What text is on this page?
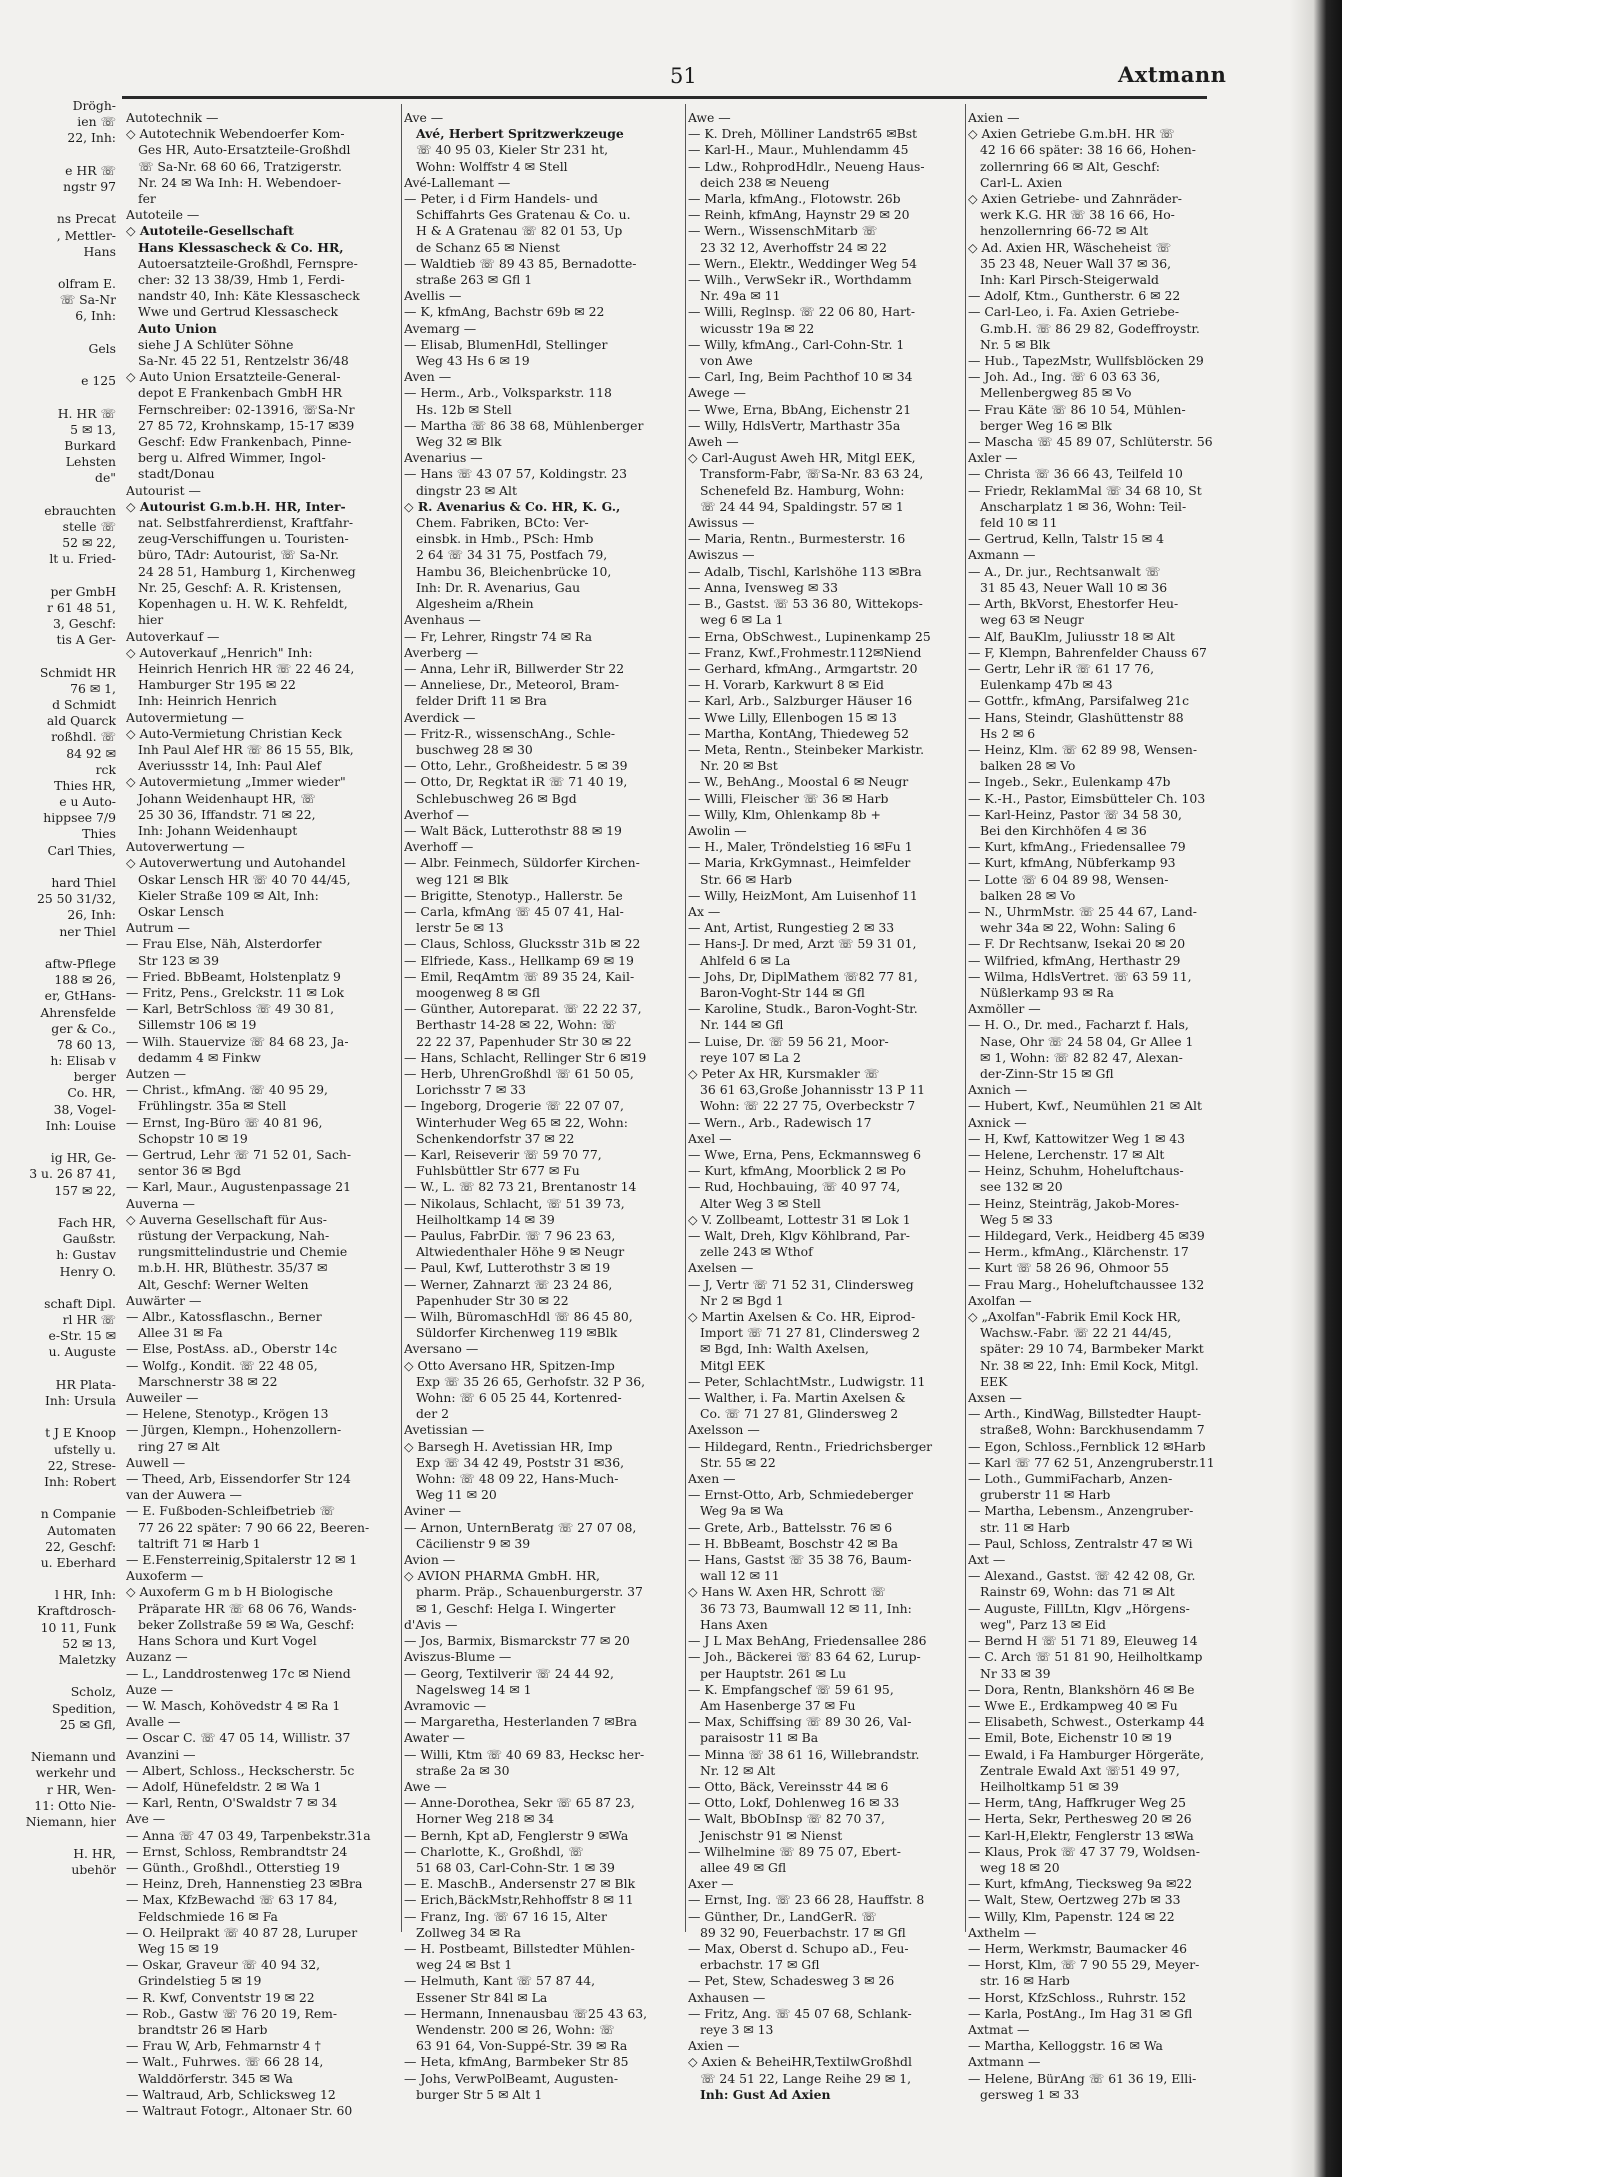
51	Axtmann
Drögh-
ien ☏
22, Inh:
e HR ☏
ngstr 97
ns Precat
, Mettler-
Hans
olfram E.
☏ Sa-Nr
6, Inh:
Gels
e 125
H. HR ☏
5 ✉ 13,
Burkard
Lehsten
de"
ebrauchten
stelle ☏
52 ✉ 22,
lt u. Fried-
per GmbH
r 61 48 51,
3, Geschf:
tis A Ger-
Schmidt HR
76 ✉ 1,
d Schmidt
ald Quarck
roßhdl. ☏
84 92 ✉
rck
Thies HR,
e u Auto-
hippsee 7/9
Thies
Carl Thies,
hard Thiel
25 50 31/32,
26, Inh:
ner Thiel
aftw-Pflege
188 ✉ 26,
er, GtHans-
Ahrensfelde
ger & Co.,
78 60 13,
h: Elisab v
berger
Co. HR,
38, Vogel-
Inh: Louise
ig HR, Ge-
3 u. 26 87 41,
157 ✉ 22,
Fach HR,
Gaußstr.
h: Gustav
Henry O.
schaft Dipl.
rl HR ☏
e-Str. 15 ✉
u. Auguste
HR Plata-
Inh: Ursula
t J E Knoop
ufstelly u.
22, Strese-
Inh: Robert
n Companie
Automaten
22, Geschf:
u. Eberhard
l HR, Inh:
Kraftdrosch-
10 11, Funk
52 ✉ 13,
Maletzky
Scholz,
Spedition,
25 ✉ Gfl,
Niemann und
werkehr und
r HR, Wen-
11: Otto Nie-
Niemann, hier
H. HR,
ubehör
Autotechnik —
◇ Autotechnik Webendoerfer Kom-
Ges HR, Auto-Ersatzteile-Großhdl
☏ Sa-Nr. 68 60 66, Tratzigerstr.
Nr. 24 ✉ Wa Inh: H. Webendoer-
fer
Autoteile —
◇ Autoteile-Gesellschaft
Hans Klessascheck & Co. HR,
Autoersatzteile-Großhdl, Fernspre-
cher: 32 13 38/39, Hmb 1, Ferdi-
nandstr 40, Inh: Käte Klessascheck
Wwe und Gertrud Klessascheck
Auto Union
siehe J A Schlüter Söhne
Sa-Nr. 45 22 51, Rentzelstr 36/48
◇ Auto Union Ersatzteile-General-
depot E Frankenbach GmbH HR
Fernschreiber: 02-13916, ☏Sa-Nr
27 85 72, Krohnskamp, 15-17 ✉39
Geschf: Edw Frankenbach, Pinne-
berg u. Alfred Wimmer, Ingol-
stadt/Donau
Autourist —
◇ Autourist G.m.b.H. HR, Inter-
nat. Selbstfahrerdienst, Kraftfahr-
zeug-Verschiffungen u. Touristen-
büro, TAdr: Autourist, ☏ Sa-Nr.
24 28 51, Hamburg 1, Kirchenweg
Nr. 25, Geschf: A. R. Kristensen,
Kopenhagen u. H. W. K. Rehfeldt,
hier
Autoverkauf —
◇ Autoverkauf „Henrich" Inh:
Heinrich Henrich HR ☏ 22 46 24,
Hamburger Str 195 ✉ 22
Inh: Heinrich Henrich
Autovermietung —
◇ Auto-Vermietung Christian Keck
Inh Paul Alef HR ☏ 86 15 55, Blk,
Averiussstr 14, Inh: Paul Alef
◇ Autovermietung „Immer wieder"
Johann Weidenhaupt HR, ☏
25 30 36, Iffandstr. 71 ✉ 22,
Inh: Johann Weidenhaupt
Autoverwertung —
◇ Autoverwertung und Autohandel
Oskar Lensch HR ☏ 40 70 44/45,
Kieler Straße 109 ✉ Alt, Inh:
Oskar Lensch
Autrum —
— Frau Else, Näh, Alsterdorfer
Str 123 ✉ 39
— Fried. BbBeamt, Holstenplatz 9
— Fritz, Pens., Grelckstr. 11 ✉ Lok
— Karl, BetrSchloss ☏ 49 30 81,
Sillemstr 106 ✉ 19
— Wilh. Stauervize ☏ 84 68 23, Ja-
dedamm 4 ✉ Finkw
Autzen —
— Christ., kfmAng. ☏ 40 95 29,
Frühlingstr. 35a ✉ Stell
— Ernst, Ing-Büro ☏ 40 81 96,
Schopstr 10 ✉ 19
— Gertrud, Lehr ☏ 71 52 01, Sach-
sentor 36 ✉ Bgd
— Karl, Maur., Augustenpassage 21
Auverna —
◇ Auverna Gesellschaft für Aus-
rüstung der Verpackung, Nah-
rungsmittelindustrie und Chemie
m.b.H. HR, Blüthestr. 35/37 ✉
Alt, Geschf: Werner Welten
Auwärter —
— Albr., Katossflaschn., Berner
Allee 31 ✉ Fa
— Else, PostAss. aD., Oberstr 14c
— Wolfg., Kondit. ☏ 22 48 05,
Marschnerstr 38 ✉ 22
Auweiler —
— Helene, Stenotyp., Krögen 13
— Jürgen, Klempn., Hohenzollern-
ring 27 ✉ Alt
Auwell —
— Theed, Arb, Eissendorfer Str 124
van der Auwera —
— E. Fußboden-Schleifbetrieb ☏
77 26 22 später: 7 90 66 22, Beeren-
taltrift 71 ✉ Harb 1
— E.Fensterreinig,Spitalerstr 12 ✉ 1
Auxoferm —
◇ Auxoferm G m b H Biologische
Präparate HR ☏ 68 06 76, Wands-
beker Zollstraße 59 ✉ Wa, Geschf:
Hans Schora und Kurt Vogel
Auzanz —
— L., Landdrostenweg 17c ✉ Niend
Auze —
— W. Masch, Kohövedstr 4 ✉ Ra 1
Avalle —
— Oscar C. ☏ 47 05 14, Willistr. 37
Avanzini —
— Albert, Schloss., Heckscherstr. 5c
— Adolf, Hünefeldstr. 2 ✉ Wa 1
— Karl, Rentn, O'Swaldstr 7 ✉ 34
Ave —
— Anna ☏ 47 03 49, Tarpenbekstr.31a
— Ernst, Schloss, Rembrandtstr 24
— Günth., Großhdl., Otterstieg 19
— Heinz, Dreh, Hannenstieg 23 ✉Bra
— Max, KfzBewachd ☏ 63 17 84,
Feldschmiede 16 ✉ Fa
— O. Heilprakt ☏ 40 87 28, Luruper
Weg 15 ✉ 19
— Oskar, Graveur ☏ 40 94 32,
Grindelstieg 5 ✉ 19
— R. Kwf, Conventstr 19 ✉ 22
— Rob., Gastw ☏ 76 20 19, Rem-
brandtstr 26 ✉ Harb
— Frau W, Arb, Fehmarnstr 4 †
— Walt., Fuhrwes. ☏ 66 28 14,
Walddörferstr. 345 ✉ Wa
— Waltraud, Arb, Schlicksweg 12
— Waltraut Fotogr., Altonaer Str. 60
Ave —
Avé, Herbert Spritzwerkzeuge
☏ 40 95 03, Kieler Str 231 ht,
Wohn: Wolffstr 4 ✉ Stell
Avé-Lallemant —
— Peter, i d Firm Handels- und
Schiffahrts Ges Gratenau & Co. u.
H & A Gratenau ☏ 82 01 53, Up
de Schanz 65 ✉ Nienst
— Waldtieb ☏ 89 43 85, Bernadotte-
straße 263 ✉ Gfl 1
Avellis —
— K, kfmAng, Bachstr 69b ✉ 22
Avemarg —
— Elisab, BlumenHdl, Stellinger
Weg 43 Hs 6 ✉ 19
Aven —
— Herm., Arb., Volksparkstr. 118
Hs. 12b ✉ Stell
— Martha ☏ 86 38 68, Mühlenberger
Weg 32 ✉ Blk
Avenarius —
— Hans ☏ 43 07 57, Koldingstr. 23
dingstr 23 ✉ Alt
◇ R. Avenarius & Co. HR, K. G.,
Chem. Fabriken, BCto: Ver-
einsbk. in Hmb., PSch: Hmb
2 64 ☏ 34 31 75, Postfach 79,
Hambu 36, Bleichenbrücke 10,
Inh: Dr. R. Avenarius, Gau
Algesheim a/Rhein
Avenhaus —
— Fr, Lehrer, Ringstr 74 ✉ Ra
Averberg —
— Anna, Lehr iR, Billwerder Str 22
— Anneliese, Dr., Meteorol, Bram-
felder Drift 11 ✉ Bra
Averdick —
— Fritz-R., wissenschAng., Schle-
buschweg 28 ✉ 30
— Otto, Lehr., Großheidestr. 5 ✉ 39
— Otto, Dr, Regktat iR ☏ 71 40 19,
Schlebuschweg 26 ✉ Bgd
Averhof —
— Walt Bäck, Lutterothstr 88 ✉ 19
Averhoff —
— Albr. Feinmech, Süldorfer Kirchen-
weg 121 ✉ Blk
— Brigitte, Stenotyp., Hallerstr. 5e
— Carla, kfmAng ☏ 45 07 41, Hal-
lerstr 5e ✉ 13
— Claus, Schloss, Glucksstr 31b ✉ 22
— Elfriede, Kass., Hellkamp 69 ✉ 19
— Emil, ReqAmtm ☏ 89 35 24, Kail-
moogenweg 8 ✉ Gfl
— Günther, Autoreparat. ☏ 22 22 37,
Berthastr 14-28 ✉ 22, Wohn: ☏
22 22 37, Papenhuder Str 30 ✉ 22
— Hans, Schlacht, Rellinger Str 6 ✉19
— Herb, UhrenGroßhdl ☏ 61 50 05,
Lorichsstr 7 ✉ 33
— Ingeborg, Drogerie ☏ 22 07 07,
Winterhuder Weg 65 ✉ 22, Wohn:
Schenkendorfstr 37 ✉ 22
— Karl, Reiseverir ☏ 59 70 77,
Fuhlsbüttler Str 677 ✉ Fu
— W., L. ☏ 82 73 21, Brentanostr 14
— Nikolaus, Schlacht, ☏ 51 39 73,
Heilholtkamp 14 ✉ 39
— Paulus, FabrDir. ☏ 7 96 23 63,
Altwiedenthaler Höhe 9 ✉ Neugr
— Paul, Kwf, Lutterothstr 3 ✉ 19
— Werner, Zahnarzt ☏ 23 24 86,
Papenhuder Str 30 ✉ 22
— Wilh, BüromaschHdl ☏ 86 45 80,
Süldorfer Kirchenweg 119 ✉Blk
Aversano —
◇ Otto Aversano HR, Spitzen-Imp
Exp ☏ 35 26 65, Gerhofstr. 32 P 36,
Wohn: ☏ 6 05 25 44, Kortenred-
der 2
Avetissian —
◇ Barsegh H. Avetissian HR, Imp
Exp ☏ 34 42 49, Poststr 31 ✉36,
Wohn: ☏ 48 09 22, Hans-Much-
Weg 11 ✉ 20
Aviner —
— Arnon, UnternBeratg ☏ 27 07 08,
Cäcilienstr 9 ✉ 39
Avion —
◇ AVION PHARMA GmbH. HR,
pharm. Präp., Schauenburgerstr. 37
✉ 1, Geschf: Helga I. Wingerter
d'Avis —
— Jos, Barmix, Bismarckstr 77 ✉ 20
Aviszus-Blume —
— Georg, Textilverir ☏ 24 44 92,
Nagelsweg 14 ✉ 1
Avramovic —
— Margaretha, Hesterlanden 7 ✉Bra
Awater —
— Willi, Ktm ☏ 40 69 83, Hecksc her-
straße 2a ✉ 30
Awe —
— Anne-Dorothea, Sekr ☏ 65 87 23,
Horner Weg 218 ✉ 34
— Bernh, Kpt aD, Fenglerstr 9 ✉Wa
— Charlotte, K., Großhdl, ☏
51 68 03, Carl-Cohn-Str. 1 ✉ 39
— E. MaschB., Andersenstr 27 ✉ Blk
— Erich,BäckMstr,Rehhoffstr 8 ✉ 11
— Franz, Ing. ☏ 67 16 15, Alter
Zollweg 34 ✉ Ra
— H. Postbeamt, Billstedter Mühlen-
weg 24 ✉ Bst 1
— Helmuth, Kant ☏ 57 87 44,
Essener Str 84l ✉ La
— Hermann, Innenausbau ☏25 43 63,
Wendenstr. 200 ✉ 26, Wohn: ☏
63 91 64, Von-Suppé-Str. 39 ✉ Ra
— Heta, kfmAng, Barmbeker Str 85
— Johs, VerwPolBeamt, Augusten-
burger Str 5 ✉ Alt 1
Awe —
— K. Dreh, Mölliner Landstr65 ✉Bst
— Karl-H., Maur., Muhlendamm 45
— Ldw., RohprodHdlr., Neueng Haus-
deich 238 ✉ Neueng
— Marla, kfmAng., Flotowstr. 26b
— Reinh, kfmAng, Haynstr 29 ✉ 20
— Wern., WissenschMitarb ☏
23 32 12, Averhoffstr 24 ✉ 22
— Wern., Elektr., Weddinger Weg 54
— Wilh., VerwSekr iR., Worthdamm
Nr. 49a ✉ 11
— Willi, Reglnsp. ☏ 22 06 80, Hart-
wicusstr 19a ✉ 22
— Willy, kfmAng., Carl-Cohn-Str. 1
von Awe
— Carl, Ing, Beim Pachthof 10 ✉ 34
Awege —
— Wwe, Erna, BbAng, Eichenstr 21
— Willy, HdlsVertr, Marthastr 35a
Aweh —
◇ Carl-August Aweh HR, Mitgl EEK,
Transform-Fabr, ☏Sa-Nr. 83 63 24,
Schenefeld Bz. Hamburg, Wohn:
☏ 24 44 94, Spaldingstr. 57 ✉ 1
Awissus —
— Maria, Rentn., Burmesterstr. 16
Awiszus —
— Adalb, Tischl, Karlshöhe 113 ✉Bra
— Anna, Ivensweg ✉ 33
— B., Gastst. ☏ 53 36 80, Wittekops-
weg 6 ✉ La 1
— Erna, ObSchwest., Lupinenkamp 25
— Franz, Kwf.,Frohmestr.112✉Niend
— Gerhard, kfmAng., Armgartstr. 20
— H. Vorarb, Karkwurt 8 ✉ Eid
— Karl, Arb., Salzburger Häuser 16
— Wwe Lilly, Ellenbogen 15 ✉ 13
— Martha, KontAng, Thiedeweg 52
— Meta, Rentn., Steinbeker Markistr.
Nr. 20 ✉ Bst
— W., BehAng., Moostal 6 ✉ Neugr
— Willi, Fleischer ☏ 36 ✉ Harb
— Willy, Klm, Ohlenkamp 8b +
Awolin —
— H., Maler, Tröndelstieg 16 ✉Fu 1
— Maria, KrkGymnast., Heimfelder
Str. 66 ✉ Harb
— Willy, HeizMont, Am Luisenhof 11
Ax —
— Ant, Artist, Rungestieg 2 ✉ 33
— Hans-J. Dr med, Arzt ☏ 59 31 01,
Ahlfeld 6 ✉ La
— Johs, Dr, DiplMathem ☏82 77 81,
Baron-Voght-Str 144 ✉ Gfl
— Karoline, Studk., Baron-Voght-Str.
Nr. 144 ✉ Gfl
— Luise, Dr. ☏ 59 56 21, Moor-
reye 107 ✉ La 2
◇ Peter Ax HR, Kursmakler ☏
36 61 63,Große Johannisstr 13 P 11
Wohn: ☏ 22 27 75, Overbeckstr 7
— Wern., Arb., Radewisch 17
Axel —
— Wwe, Erna, Pens, Eckmannsweg 6
— Kurt, kfmAng, Moorblick 2 ✉ Po
— Rud, Hochbauing, ☏ 40 97 74,
Alter Weg 3 ✉ Stell
◇ V. Zollbeamt, Lottestr 31 ✉ Lok 1
— Walt, Dreh, Klgv Köhlbrand, Par-
zelle 243 ✉ Wthof
Axelsen —
— J, Vertr ☏ 71 52 31, Clindersweg
Nr 2 ✉ Bgd 1
◇ Martin Axelsen & Co. HR, Eiprod-
Import ☏ 71 27 81, Clindersweg 2
✉ Bgd, Inh: Walth Axelsen,
Mitgl EEK
— Peter, SchlachtMstr., Ludwigstr. 11
— Walther, i. Fa. Martin Axelsen &
Co. ☏ 71 27 81, Glindersweg 2
Axelsson —
— Hildegard, Rentn., Friedrichsberger
Str. 55 ✉ 22
Axen —
— Ernst-Otto, Arb, Schmiedeberger
Weg 9a ✉ Wa
— Grete, Arb., Battelsstr. 76 ✉ 6
— H. BbBeamt, Boschstr 42 ✉ Ba
— Hans, Gastst ☏ 35 38 76, Baum-
wall 12 ✉ 11
◇ Hans W. Axen HR, Schrott ☏
36 73 73, Baumwall 12 ✉ 11, Inh:
Hans Axen
— J L Max BehAng, Friedensallee 286
— Joh., Bäckerei ☏ 83 64 62, Lurup-
per Hauptstr. 261 ✉ Lu
— K. Empfangschef ☏ 59 61 95,
Am Hasenberge 37 ✉ Fu
— Max, Schiffsing ☏ 89 30 26, Val-
paraisostr 11 ✉ Ba
— Minna ☏ 38 61 16, Willebrandstr.
Nr. 12 ✉ Alt
— Otto, Bäck, Vereinsstr 44 ✉ 6
— Otto, Lokf, Dohlenweg 16 ✉ 33
— Walt, BbObInsp ☏ 82 70 37,
Jenischstr 91 ✉ Nienst
— Wilhelmine ☏ 89 75 07, Ebert-
allee 49 ✉ Gfl
Axer —
— Ernst, Ing. ☏ 23 66 28, Hauffstr. 8
— Günther, Dr., LandGerR. ☏
89 32 90, Feuerbachstr. 17 ✉ Gfl
— Max, Oberst d. Schupo aD., Feu-
erbachstr. 17 ✉ Gfl
— Pet, Stew, Schadesweg 3 ✉ 26
Axhausen —
— Fritz, Ang. ☏ 45 07 68, Schlank-
reye 3 ✉ 13
Axien —
◇ Axien & BeheiHR,TextilwGroßhdl
☏ 24 51 22, Lange Reihe 29 ✉ 1,
Inh: Gust Ad Axien
Axien —
◇ Axien Getriebe G.m.bH. HR ☏
42 16 66 später: 38 16 66, Hohen-
zollernring 66 ✉ Alt, Geschf:
Carl-L. Axien
◇ Axien Getriebe- und Zahnräder-
werk K.G. HR ☏ 38 16 66, Ho-
henzollernring 66-72 ✉ Alt
◇ Ad. Axien HR, Wäscheheist ☏
35 23 48, Neuer Wall 37 ✉ 36,
Inh: Karl Pirsch-Steigerwald
— Adolf, Ktm., Guntherstr. 6 ✉ 22
— Carl-Leo, i. Fa. Axien Getriebe-
G.mb.H. ☏ 86 29 82, Godeffroystr.
Nr. 5 ✉ Blk
— Hub., TapezMstr, Wullfsblöcken 29
— Joh. Ad., Ing. ☏ 6 03 63 36,
Mellenbergweg 85 ✉ Vo
— Frau Käte ☏ 86 10 54, Mühlen-
berger Weg 16 ✉ Blk
— Mascha ☏ 45 89 07, Schlüterstr. 56
Axler —
— Christa ☏ 36 66 43, Teilfeld 10
— Friedr, ReklamMal ☏ 34 68 10, St
Anscharplatz 1 ✉ 36, Wohn: Teil-
feld 10 ✉ 11
— Gertrud, Kelln, Talstr 15 ✉ 4
Axmann —
— A., Dr. jur., Rechtsanwalt ☏
31 85 43, Neuer Wall 10 ✉ 36
— Arth, BkVorst, Ehestorfer Heu-
weg 63 ✉ Neugr
— Alf, BauKlm, Juliusstr 18 ✉ Alt
— F, Klempn, Bahrenfelder Chauss 67
— Gertr, Lehr iR ☏ 61 17 76,
Eulenkamp 47b ✉ 43
— Gottfr., kfmAng, Parsifalweg 21c
— Hans, Steindr, Glashüttenstr 88
Hs 2 ✉ 6
— Heinz, Klm. ☏ 62 89 98, Wensen-
balken 28 ✉ Vo
— Ingeb., Sekr., Eulenkamp 47b
— K.-H., Pastor, Eimsbütteler Ch. 103
— Karl-Heinz, Pastor ☏ 34 58 30,
Bei den Kirchhöfen 4 ✉ 36
— Kurt, kfmAng., Friedensallee 79
— Kurt, kfmAng, Nübferkamp 93
— Lotte ☏ 6 04 89 98, Wensen-
balken 28 ✉ Vo
— N., UhrmMstr. ☏ 25 44 67, Land-
wehr 34a ✉ 22, Wohn: Saling 6
— F. Dr Rechtsanw, Isekai 20 ✉ 20
— Wilfried, kfmAng, Herthastr 29
— Wilma, HdlsVertret. ☏ 63 59 11,
Nüßlerkamp 93 ✉ Ra
Axmöller —
— H. O., Dr. med., Facharzt f. Hals,
Nase, Ohr ☏ 24 58 04, Gr Allee 1
✉ 1, Wohn: ☏ 82 82 47, Alexan-
der-Zinn-Str 15 ✉ Gfl
Axnich —
— Hubert, Kwf., Neumühlen 21 ✉ Alt
Axnick —
— H, Kwf, Kattowitzer Weg 1 ✉ 43
— Helene, Lerchenstr. 17 ✉ Alt
— Heinz, Schuhm, Hoheluftchaus-
see 132 ✉ 20
— Heinz, Steinträg, Jakob-Mores-
Weg 5 ✉ 33
— Hildegard, Verk., Heidberg 45 ✉39
— Herm., kfmAng., Klärchenstr. 17
— Kurt ☏ 58 26 96, Ohmoor 55
— Frau Marg., Hoheluftchaussee 132
Axolfan —
◇ „Axolfan"-Fabrik Emil Kock HR,
Wachsw.-Fabr. ☏ 22 21 44/45,
später: 29 10 74, Barmbeker Markt
Nr. 38 ✉ 22, Inh: Emil Kock, Mitgl.
EEK
Axsen —
— Arth., KindWag, Billstedter Haupt-
straße8, Wohn: Barckhusendamm 7
— Egon, Schloss.,Fernblick 12 ✉Harb
— Karl ☏ 77 62 51, Anzengruberstr.11
— Loth., GummiFacharb, Anzen-
gruberstr 11 ✉ Harb
— Martha, Lebensm., Anzengruber-
str. 11 ✉ Harb
— Paul, Schloss, Zentralstr 47 ✉ Wi
Axt —
— Alexand., Gastst. ☏ 42 42 08, Gr.
Rainstr 69, Wohn: das 71 ✉ Alt
— Auguste, FillLtn, Klgv „Hörgens-
weg", Parz 13 ✉ Eid
— Bernd H ☏ 51 71 89, Eleuweg 14
— C. Arch ☏ 51 81 90, Heilholtkamp
Nr 33 ✉ 39
— Dora, Rentn, Blankshörn 46 ✉ Be
— Wwe E., Erdkampweg 40 ✉ Fu
— Elisabeth, Schwest., Osterkamp 44
— Emil, Bote, Eichenstr 10 ✉ 19
— Ewald, i Fa Hamburger Hörgeräte,
Zentrale Ewald Axt ☏51 49 97,
Heilholtkamp 51 ✉ 39
— Herm, tAng, Haffkruger Weg 25
— Herta, Sekr, Perthesweg 20 ✉ 26
— Karl-H,Elektr, Fenglerstr 13 ✉Wa
— Klaus, Prok ☏ 47 37 79, Woldsen-
weg 18 ✉ 20
— Kurt, kfmAng, Tiecksweg 9a ✉22
— Walt, Stew, Oertzweg 27b ✉ 33
— Willy, Klm, Papenstr. 124 ✉ 22
Axthelm —
— Herm, Werkmstr, Baumacker 46
— Horst, Klm, ☏ 7 90 55 29, Meyer-
str. 16 ✉ Harb
— Horst, KfzSchloss., Ruhrstr. 152
— Karla, PostAng., Im Hag 31 ✉ Gfl
Axtmat —
— Martha, Kelloggstr. 16 ✉ Wa
Axtmann —
— Helene, BürAng ☏ 61 36 19, Elli-
gersweg 1 ✉ 33
